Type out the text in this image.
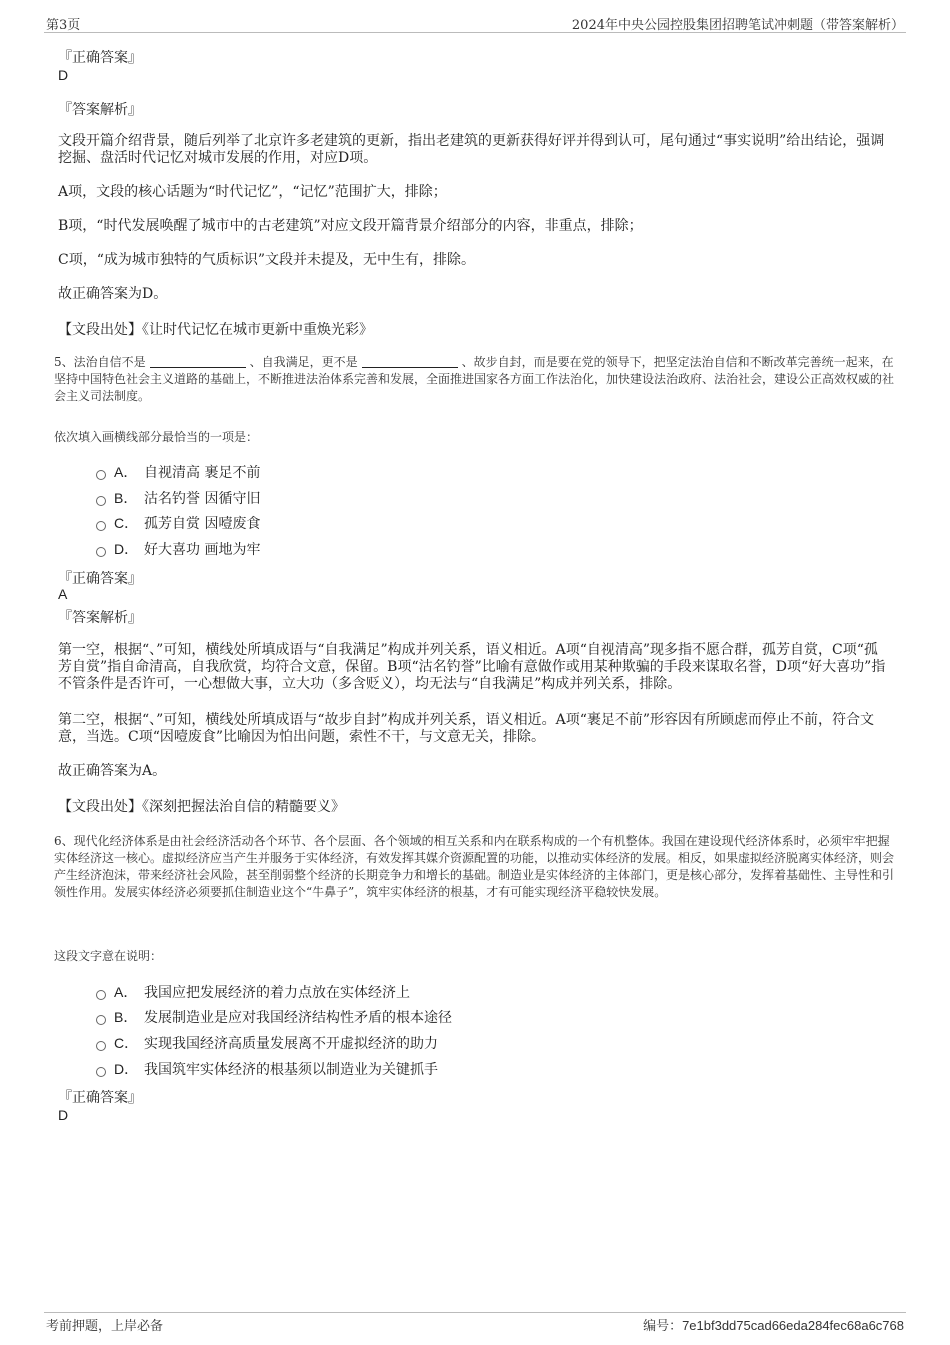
第3页	2024年中央公园控股集团招聘笔试冲刺题（带答案解析）
『正确答案』
D
『答案解析』
文段开篇介绍背景，随后列举了北京许多老建筑的更新，指出老建筑的更新获得好评并得到认可，尾句通过“事实说明”给出结论，强调挖掘、盘活时代记忆对城市发展的作用，对应D项。
A项，文段的核心话题为“时代记忆”，“记忆”范围扩大，排除；
B项，“时代发展唤醒了城市中的古老建筑”对应文段开篇背景介绍部分的内容，非重点，排除；
C项，“成为城市独特的气质标识”文段并未提及，无中生有，排除。
故正确答案为D。
【文段出处】《让时代记忆在城市更新中重焕光彩》
5、法治自信不是	、自我满足，更不是	、故步自封，而是要在党的领导下，把坚定法治自信和不断改革完善统一起来，在坚持中国特色社会主义道路的基础上，不断推进法治体系完善和发展，全面推进国家各方面工作法治化，加快建设法治政府、法治社会，建设公正高效权威的社会主义司法制度。
依次填入画横线部分最恰当的一项是：
A． 自视清高 裹足不前
B． 沽名钓誉 因循守旧
C． 孤芳自赏 因噎废食
D． 好大喜功 画地为牢
『正确答案』
A
『答案解析』
第一空，根据“、”可知，横线处所填成语与“自我满足”构成并列关系，语义相近。A项“自视清高”现多指不愿合群，孤芳自赏，C项“孤芳自赏”指自命清高，自我欣赏，均符合文意，保留。B项“沽名钓誉”比喻有意做作或用某种欺骗的手段来谋取名誉，D项“好大喜功”指不管条件是否许可，一心想做大事，立大功（多含贬义），均无法与“自我满足”构成并列关系，排除。
第二空，根据“、”可知，横线处所填成语与“故步自封”构成并列关系，语义相近。A项“裹足不前”形容因有所顾虑而停止不前，符合文意，当选。C项“因噎废食”比喻因为怕出问题，索性不干，与文意无关，排除。
故正确答案为A。
【文段出处】《深刻把握法治自信的精髓要义》
6、现代化经济体系是由社会经济活动各个环节、各个层面、各个领域的相互关系和内在联系构成的一个有机整体。我国在建设现代经济体系时，必须牢牢把握实体经济这一核心。虚拟经济应当产生并服务于实体经济，有效发挥其媒介资源配置的功能，以推动实体经济的发展。相反，如果虚拟经济脱离实体经济，则会产生经济泡沫，带来经济社会风险，甚至削弱整个经济的长期竞争力和增长的基础。制造业是实体经济的主体部门，更是核心部分，发挥着基础性、主导性和引领性作用。发展实体经济必须要抓住制造业这个“牛鼻子”，筑牢实体经济的根基，才有可能实现经济平稳较快发展。
这段文字意在说明：
A． 我国应把发展经济的着力点放在实体经济上
B． 发展制造业是应对我国经济结构性矛盾的根本途径
C． 实现我国经济高质量发展离不开虚拟经济的助力
D． 我国筑牢实体经济的根基须以制造业为关键抓手
『正确答案』
D
考前押题，上岸必备	编号：7e1bf3dd75cad66eda284fec68a6c768
